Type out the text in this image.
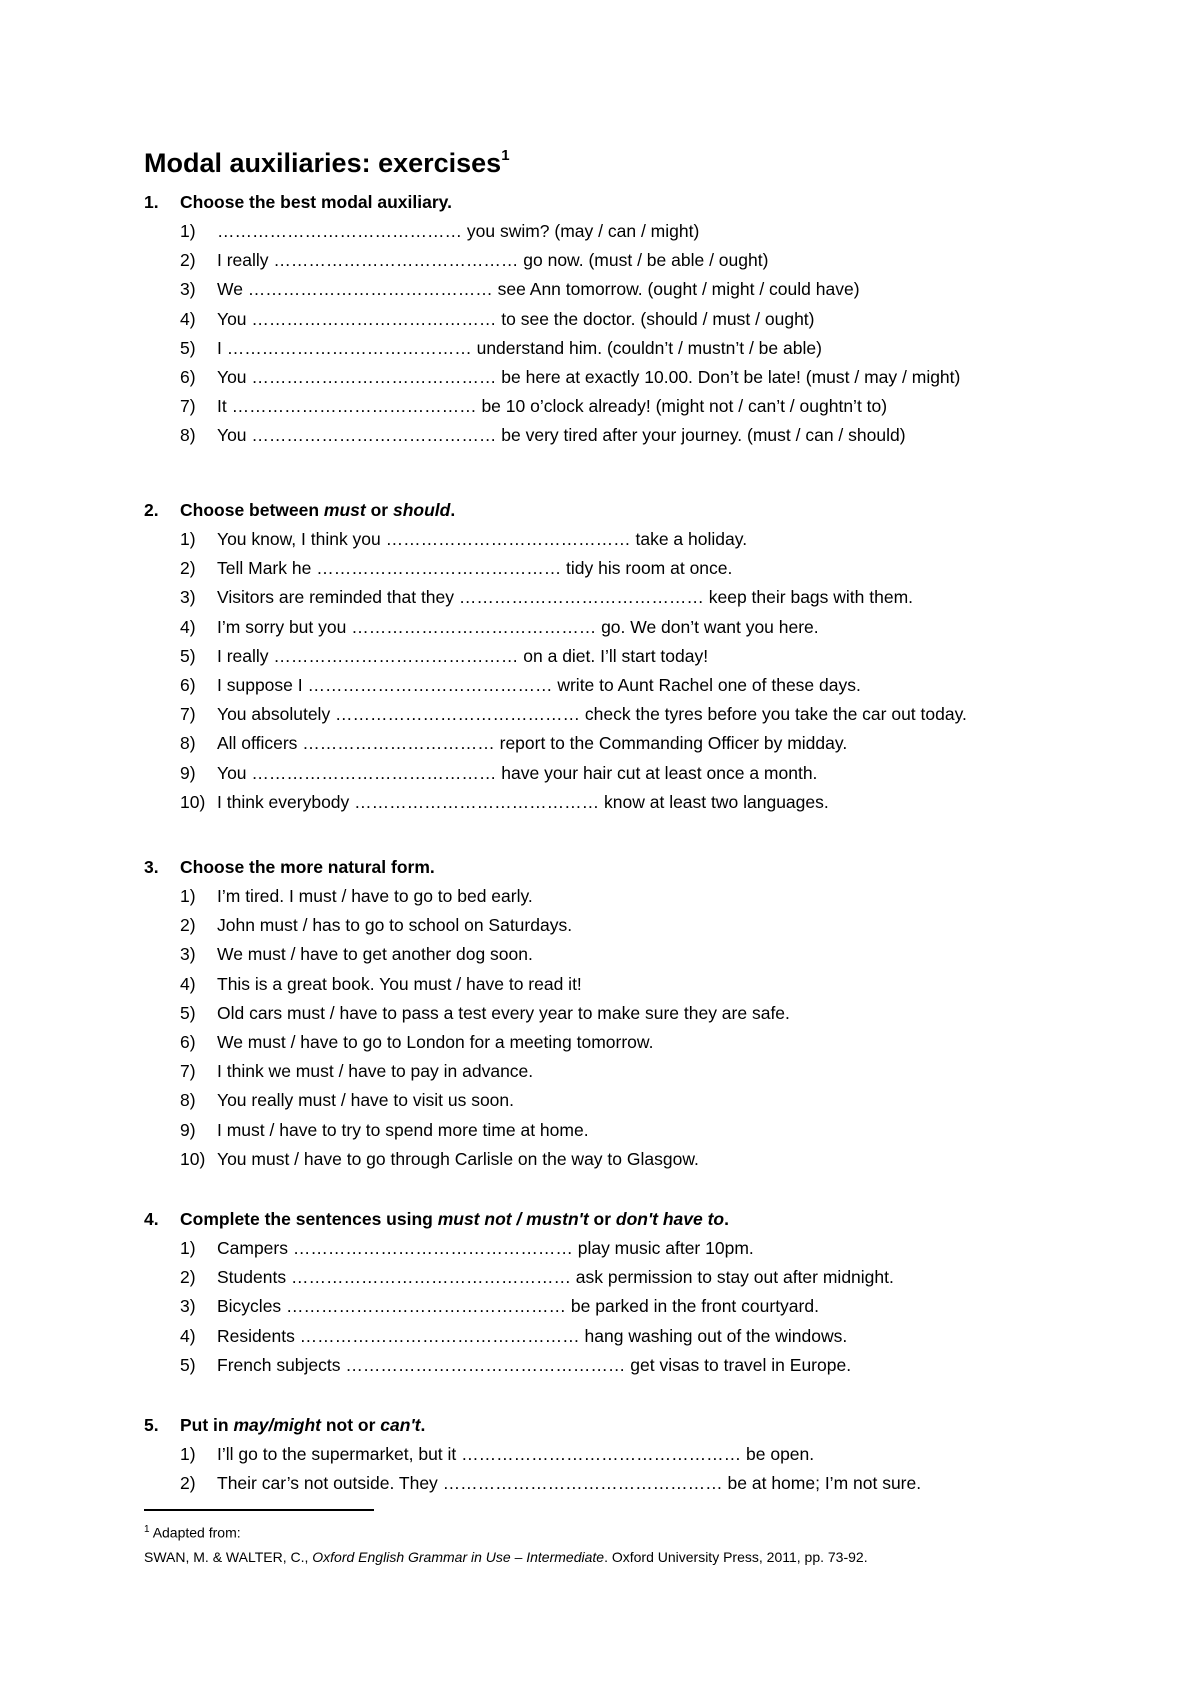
Modal auxiliaries: exercises$^1$
1. Choose the best modal auxiliary.
1) …………………………………… you swim? (may / can / might)
2) I really …………………………………… go now. (must / be able / ought)
3) We …………………………………… see Ann tomorrow. (ought / might / could have)
4) You …………………………………… to see the doctor. (should / must / ought)
5) I …………………………………… understand him. (couldn’t / mustn’t / be able)
6) You …………………………………… be here at exactly 10.00. Don’t be late! (must / may / might)
7) It …………………………………… be 10 o’clock already! (might not / can’t / oughtn’t to)
8) You …………………………………… be very tired after your journey. (must / can / should)
2. Choose between must or should.
1) You know, I think you …………………………………… take a holiday.
2) Tell Mark he …………………………………… tidy his room at once.
3) Visitors are reminded that they …………………………………… keep their bags with them.
4) I’m sorry but you …………………………………… go. We don’t want you here.
5) I really …………………………………… on a diet. I’ll start today!
6) I suppose I …………………………………… write to Aunt Rachel one of these days.
7) You absolutely …………………………………… check the tyres before you take the car out today.
8) All officers …………………………… report to the Commanding Officer by midday.
9) You …………………………………… have your hair cut at least once a month.
10) I think everybody …………………………………… know at least two languages.
3. Choose the more natural form.
1) I’m tired. I must / have to go to bed early.
2) John must / has to go to school on Saturdays.
3) We must / have to get another dog soon.
4) This is a great book. You must / have to read it!
5) Old cars must / have to pass a test every year to make sure they are safe.
6) We must / have to go to London for a meeting tomorrow.
7) I think we must / have to pay in advance.
8) You really must / have to visit us soon.
9) I must / have to try to spend more time at home.
10) You must / have to go through Carlisle on the way to Glasgow.
4. Complete the sentences using must not / mustn't or don't have to.
1) Campers ………………………………………… play music after 10pm.
2) Students ………………………………………… ask permission to stay out after midnight.
3) Bicycles ………………………………………… be parked in the front courtyard.
4) Residents ………………………………………… hang washing out of the windows.
5) French subjects ………………………………………… get visas to travel in Europe.
5. Put in may/might not or can't.
1) I’ll go to the supermarket, but it ………………………………………… be open.
2) Their car’s not outside. They ………………………………………… be at home; I’m not sure.
$^1$ Adapted from:
SWAN, M. & WALTER, C., Oxford English Grammar in Use – Intermediate. Oxford University Press, 2011, pp. 73-92.
